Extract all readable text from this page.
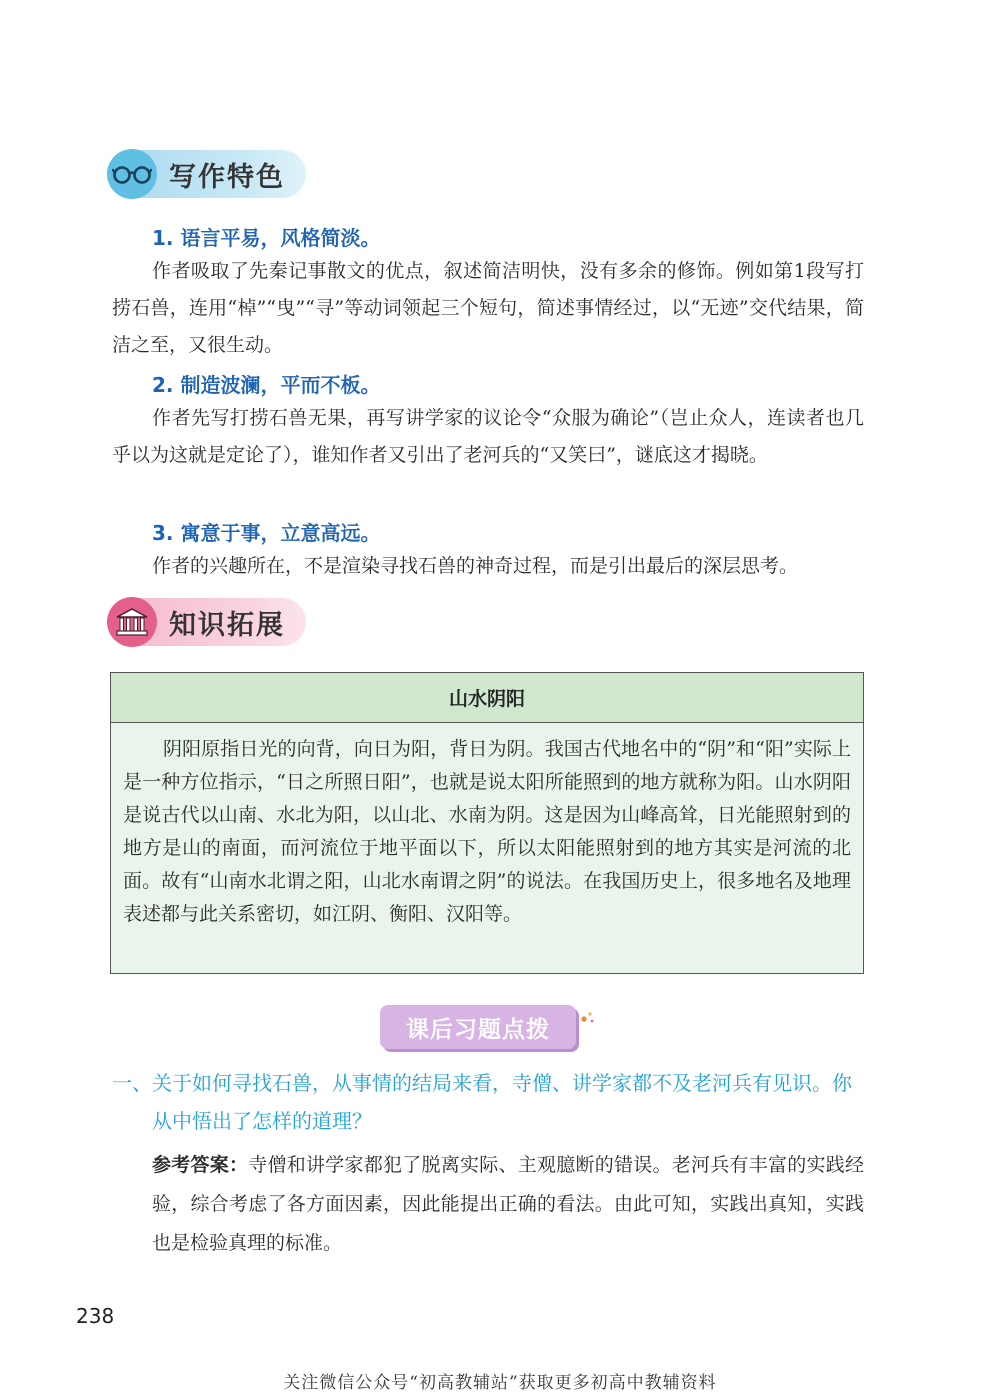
写作特色
1. 语言平易，风格简淡。
作者吸取了先秦记事散文的优点，叙述简洁明快，没有多余的修饰。例如第1段写打捞石兽，连用“棹”“曳”“寻”等动词领起三个短句，简述事情经过，以“无迹”交代结果，简洁之至，又很生动。
2. 制造波澜，平而不板。
作者先写打捞石兽无果，再写讲学家的议论令“众服为确论”（岂止众人，连读者也几乎以为这就是定论了），谁知作者又引出了老河兵的“又笑曰”，谜底这才揭晓。
3. 寓意于事，立意高远。
作者的兴趣所在，不是渲染寻找石兽的神奇过程，而是引出最后的深层思考。
知识拓展
山水阴阳
阴阳原指日光的向背，向日为阳，背日为阴。我国古代地名中的“阴”和“阳”实际上是一种方位指示，“日之所照日阳”，也就是说太阳所能照到的地方就称为阳。山水阴阳是说古代以山南、水北为阳，以山北、水南为阴。这是因为山峰高耸，日光能照射到的地方是山的南面，而河流位于地平面以下，所以太阳能照射到的地方其实是河流的北面。故有“山南水北谓之阳，山北水南谓之阴”的说法。在我国历史上，很多地名及地理表述都与此关系密切，如江阴、衡阳、汉阳等。
课后习题点拨
一、 关于如何寻找石兽，从事情的结局来看，寺僧、讲学家都不及老河兵有见识。你从中悟出了怎样的道理？
参考答案：寺僧和讲学家都犯了脱离实际、主观臆断的错误。老河兵有丰富的实践经验，综合考虑了各方面因素，因此能提出正确的看法。由此可知，实践出真知，实践也是检验真理的标准。
238
关注微信公众号“初高教辅站”获取更多初高中教辅资料
